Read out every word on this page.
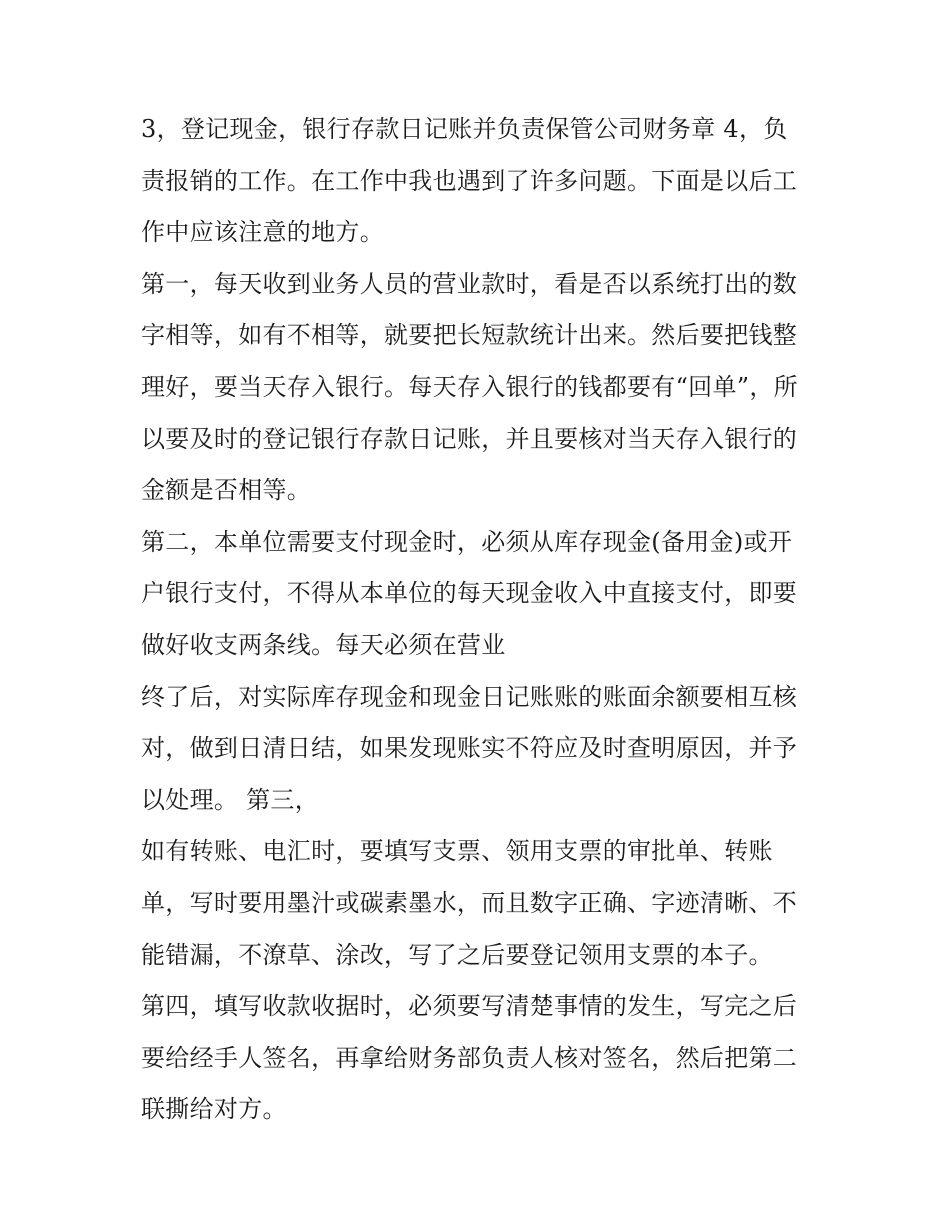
3，登记现金，银行存款日记账并负责保管公司财务章 4，负
责报销的工作。在工作中我也遇到了许多问题。下面是以后工
作中应该注意的地方。
第一，每天收到业务人员的营业款时，看是否以系统打出的数
字相等，如有不相等，就要把长短款统计出来。然后要把钱整
理好，要当天存入银行。每天存入银行的钱都要有“回单”，所
以要及时的登记银行存款日记账，并且要核对当天存入银行的
金额是否相等。
第二，本单位需要支付现金时，必须从库存现金(备用金)或开
户银行支付，不得从本单位的每天现金收入中直接支付，即要
做好收支两条线。每天必须在营业
终了后，对实际库存现金和现金日记账账的账面余额要相互核
对，做到日清日结，如果发现账实不符应及时查明原因，并予
以处理。 第三，
如有转账、电汇时，要填写支票、领用支票的审批单、转账
单，写时要用墨汁或碳素墨水，而且数字正确、字迹清晰、不
能错漏，不潦草、涂改，写了之后要登记领用支票的本子。
第四，填写收款收据时，必须要写清楚事情的发生，写完之后
要给经手人签名，再拿给财务部负责人核对签名，然后把第二
联撕给对方。
